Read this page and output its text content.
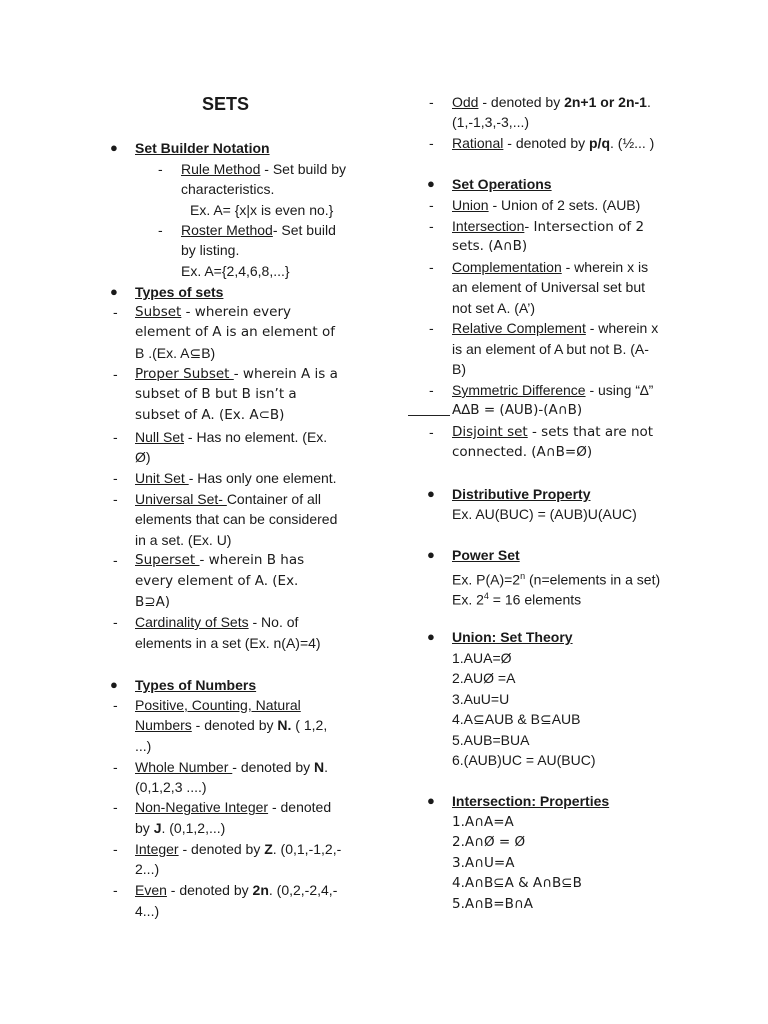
SETS
● Set Builder Notation
- Rule Method - Set build by
characteristics.
Ex. A= {x|x is even no.}
- Roster Method- Set build
by listing.
Ex. A={2,4,6,8,...}
● Types of sets
- Subset - wherein every
element of A is an element of
B .(Ex. A⊆B)
- Proper Subset - wherein A is a
subset of B but B isn’t a
subset of A. (Ex. A⊂B)
- Null Set - Has no element. (Ex.
Ø)
- Unit Set - Has only one element.
- Universal Set- Container of all
elements that can be considered
in a set. (Ex. U)
- Superset - wherein B has
every element of A. (Ex.
B⊇A)
- Cardinality of Sets - No. of
elements in a set (Ex. n(A)=4)
● Types of Numbers
- Positive, Counting, Natural
Numbers - denoted by N. ( 1,2,
...)
- Whole Number - denoted by N.
(0,1,2,3 ....)
- Non-Negative Integer - denoted
by J. (0,1,2,...)
- Integer - denoted by Z. (0,1,-1,2,-
2...)
- Even - denoted by 2n. (0,2,-2,4,-
4...)
- Odd - denoted by 2n+1 or 2n-1.
(1,-1,3,-3,...)
- Rational - denoted by p/q. (½... )
● Set Operations
- Union - Union of 2 sets. (AUB)
- Intersection- Intersection of 2
sets. (A∩B)
- Complementation - wherein x is
an element of Universal set but
not set A. (A’)
- Relative Complement - wherein x
is an element of A but not B. (A-
B)
- Symmetric Difference - using “∆”
A∆B = (AUB)-(A∩B)
- Disjoint set - sets that are not
connected. (A∩B=Ø)
● Distributive Property
Ex. AU(BUC) = (AUB)U(AUC)
● Power Set
Ex. $P(A)=2^n$ (n=elements in a set)
Ex. $2^4 = 16$ elements
● Union: Set Theory
1.AUA=Ø
2.AUØ =A
3.AuU=U
4.A⊆AUB & B⊆AUB
5.AUB=BUA
6.(AUB)UC = AU(BUC)
● Intersection: Properties
1.A∩A=A
2.A∩Ø = Ø
3.A∩U=A
4.A∩B⊆A & A∩B⊆B
5.A∩B=B∩A
